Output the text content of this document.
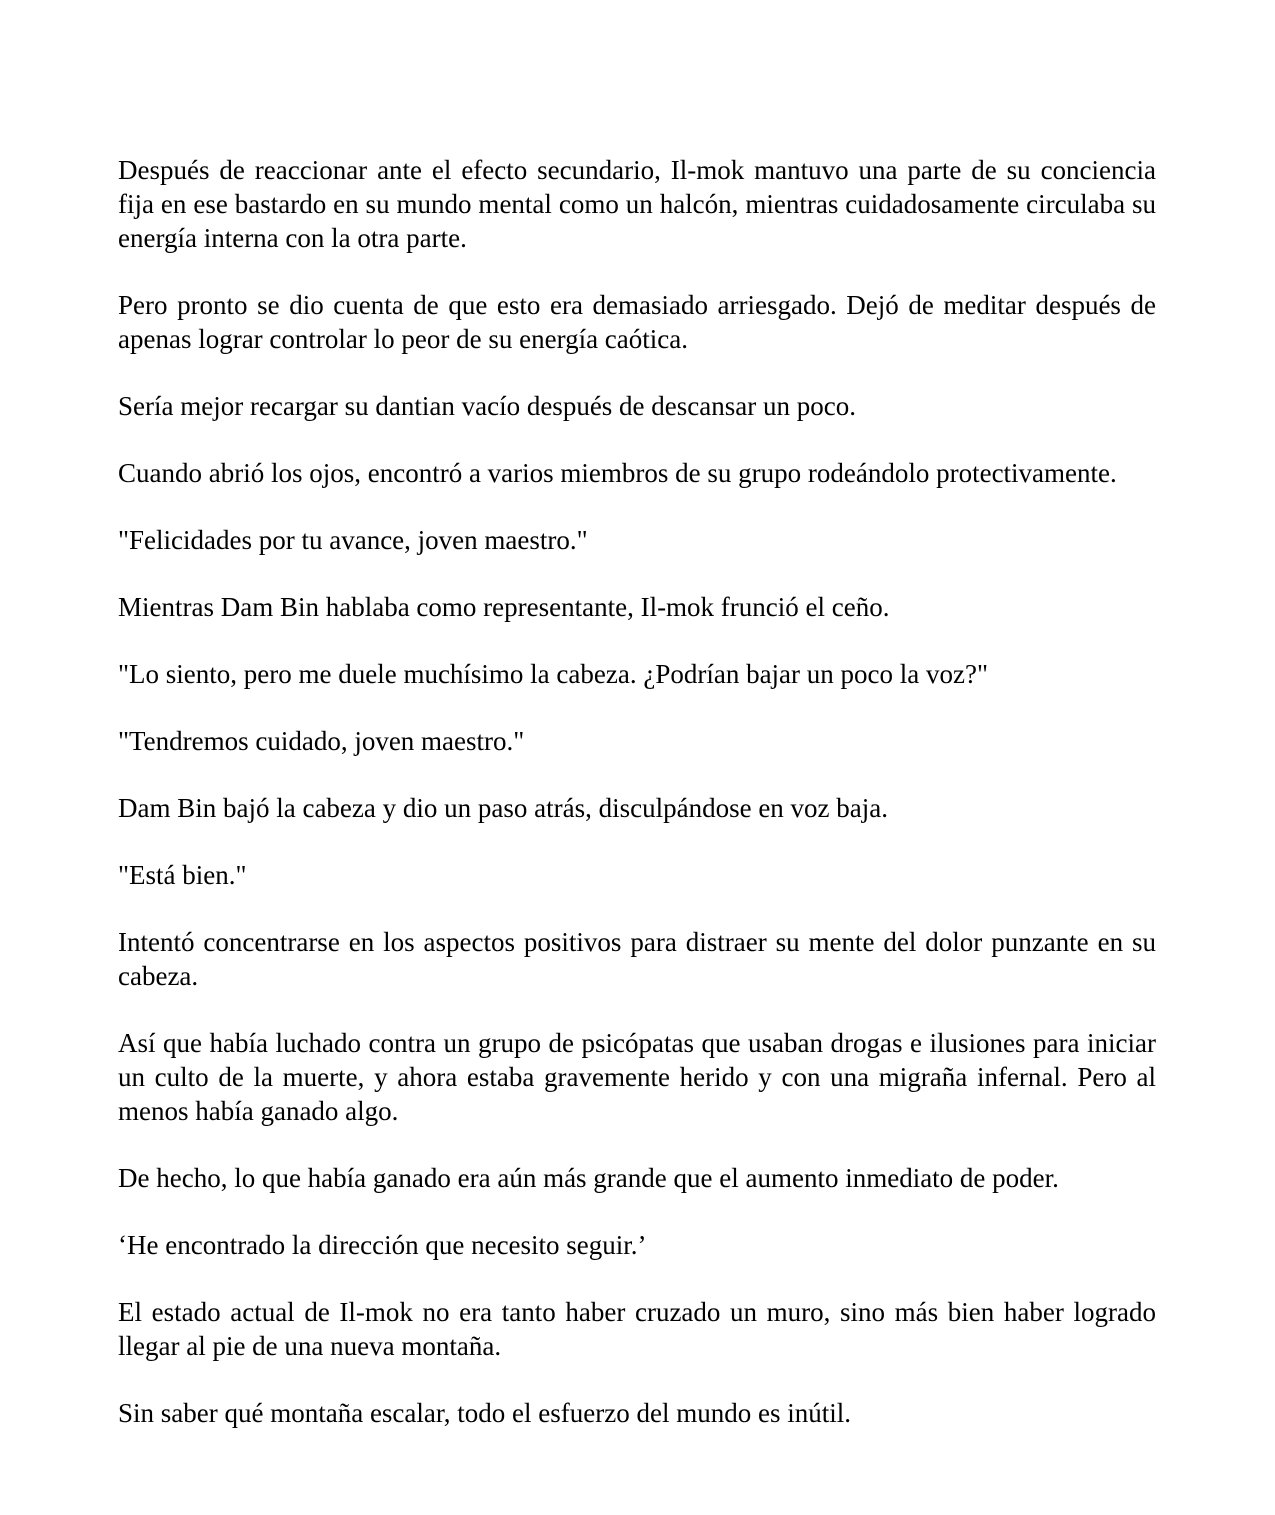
Después de reaccionar ante el efecto secundario, Il-mok mantuvo una parte de su conciencia fija en ese bastardo en su mundo mental como un halcón, mientras cuidadosamente circulaba su energía interna con la otra parte.

Pero pronto se dio cuenta de que esto era demasiado arriesgado. Dejó de meditar después de apenas lograr controlar lo peor de su energía caótica.

Sería mejor recargar su dantian vacío después de descansar un poco.

Cuando abrió los ojos, encontró a varios miembros de su grupo rodeándolo protectivamente.

"Felicidades por tu avance, joven maestro."

Mientras Dam Bin hablaba como representante, Il-mok frunció el ceño.

"Lo siento, pero me duele muchísimo la cabeza. ¿Podrían bajar un poco la voz?"

"Tendremos cuidado, joven maestro."

Dam Bin bajó la cabeza y dio un paso atrás, disculpándose en voz baja.

"Está bien."

Intentó concentrarse en los aspectos positivos para distraer su mente del dolor punzante en su cabeza.

Así que había luchado contra un grupo de psicópatas que usaban drogas e ilusiones para iniciar un culto de la muerte, y ahora estaba gravemente herido y con una migraña infernal. Pero al menos había ganado algo.

De hecho, lo que había ganado era aún más grande que el aumento inmediato de poder.

‘He encontrado la dirección que necesito seguir.’

El estado actual de Il-mok no era tanto haber cruzado un muro, sino más bien haber logrado llegar al pie de una nueva montaña.

Sin saber qué montaña escalar, todo el esfuerzo del mundo es inútil.
